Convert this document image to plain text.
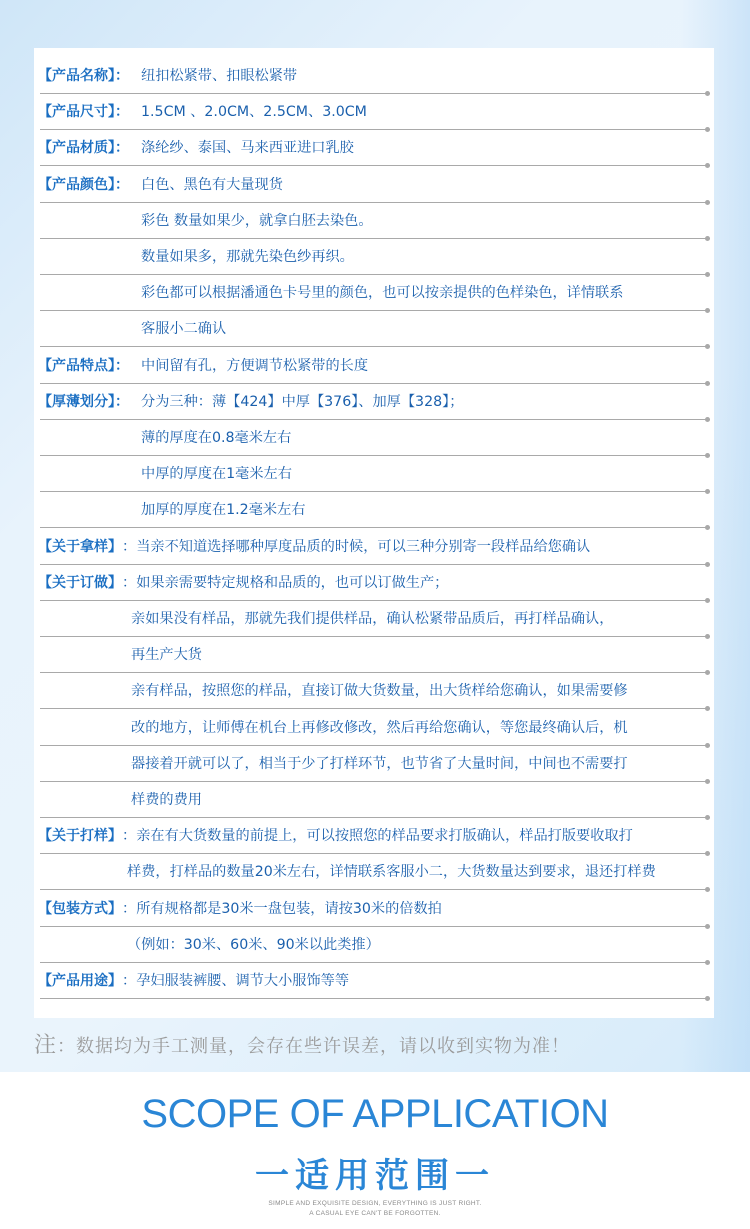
【产品名称】： 纽扣松紧带、扣眼松紧带
【产品尺寸】： 1.5CM 、2.0CM、2.5CM、3.0CM
【产品材质】： 涤纶纱、泰国、马来西亚进口乳胶
【产品颜色】： 白色、黑色有大量现货
彩色 数量如果少，就拿白胚去染色。
数量如果多，那就先染色纱再织。
彩色都可以根据潘通色卡号里的颜色，也可以按亲提供的色样染色，详情联系
客服小二确认
【产品特点】： 中间留有孔，方便调节松紧带的长度
【厚薄划分】： 分为三种：薄【424】中厚【376】、加厚【328】；
薄的厚度在0.8毫米左右
中厚的厚度在1毫米左右
加厚的厚度在1.2毫米左右
【关于拿样】 ：当亲不知道选择哪种厚度品质的时候，可以三种分别寄一段样品给您确认
【关于订做】 ：如果亲需要特定规格和品质的，也可以订做生产；
亲如果没有样品，那就先我们提供样品，确认松紧带品质后，再打样品确认，
再生产大货
亲有样品，按照您的样品，直接订做大货数量，出大货样给您确认，如果需要修
改的地方，让师傅在机台上再修改修改，然后再给您确认，等您最终确认后，机
器接着开就可以了，相当于少了打样环节，也节省了大量时间，中间也不需要打
样费的费用
【关于打样】 ：亲在有大货数量的前提上，可以按照您的样品要求打版确认，样品打版要收取打
样费，打样品的数量20米左右，详情联系客服小二，大货数量达到要求，退还打样费
【包装方式】 ：所有规格都是30米一盘包装，请按30米的倍数拍
（例如：30米、60米、90米以此类推）
【产品用途】 ：孕妇服装裤腰、调节大小服饰等等
注：数据均为手工测量，会存在些许误差，请以收到实物为准！
SCOPE OF APPLICATION
一适用范围一
SIMPLE AND EXQUISITE DESIGN, EVERYTHING IS JUST RIGHT.
A CASUAL EYE CAN'T BE FORGOTTEN.
